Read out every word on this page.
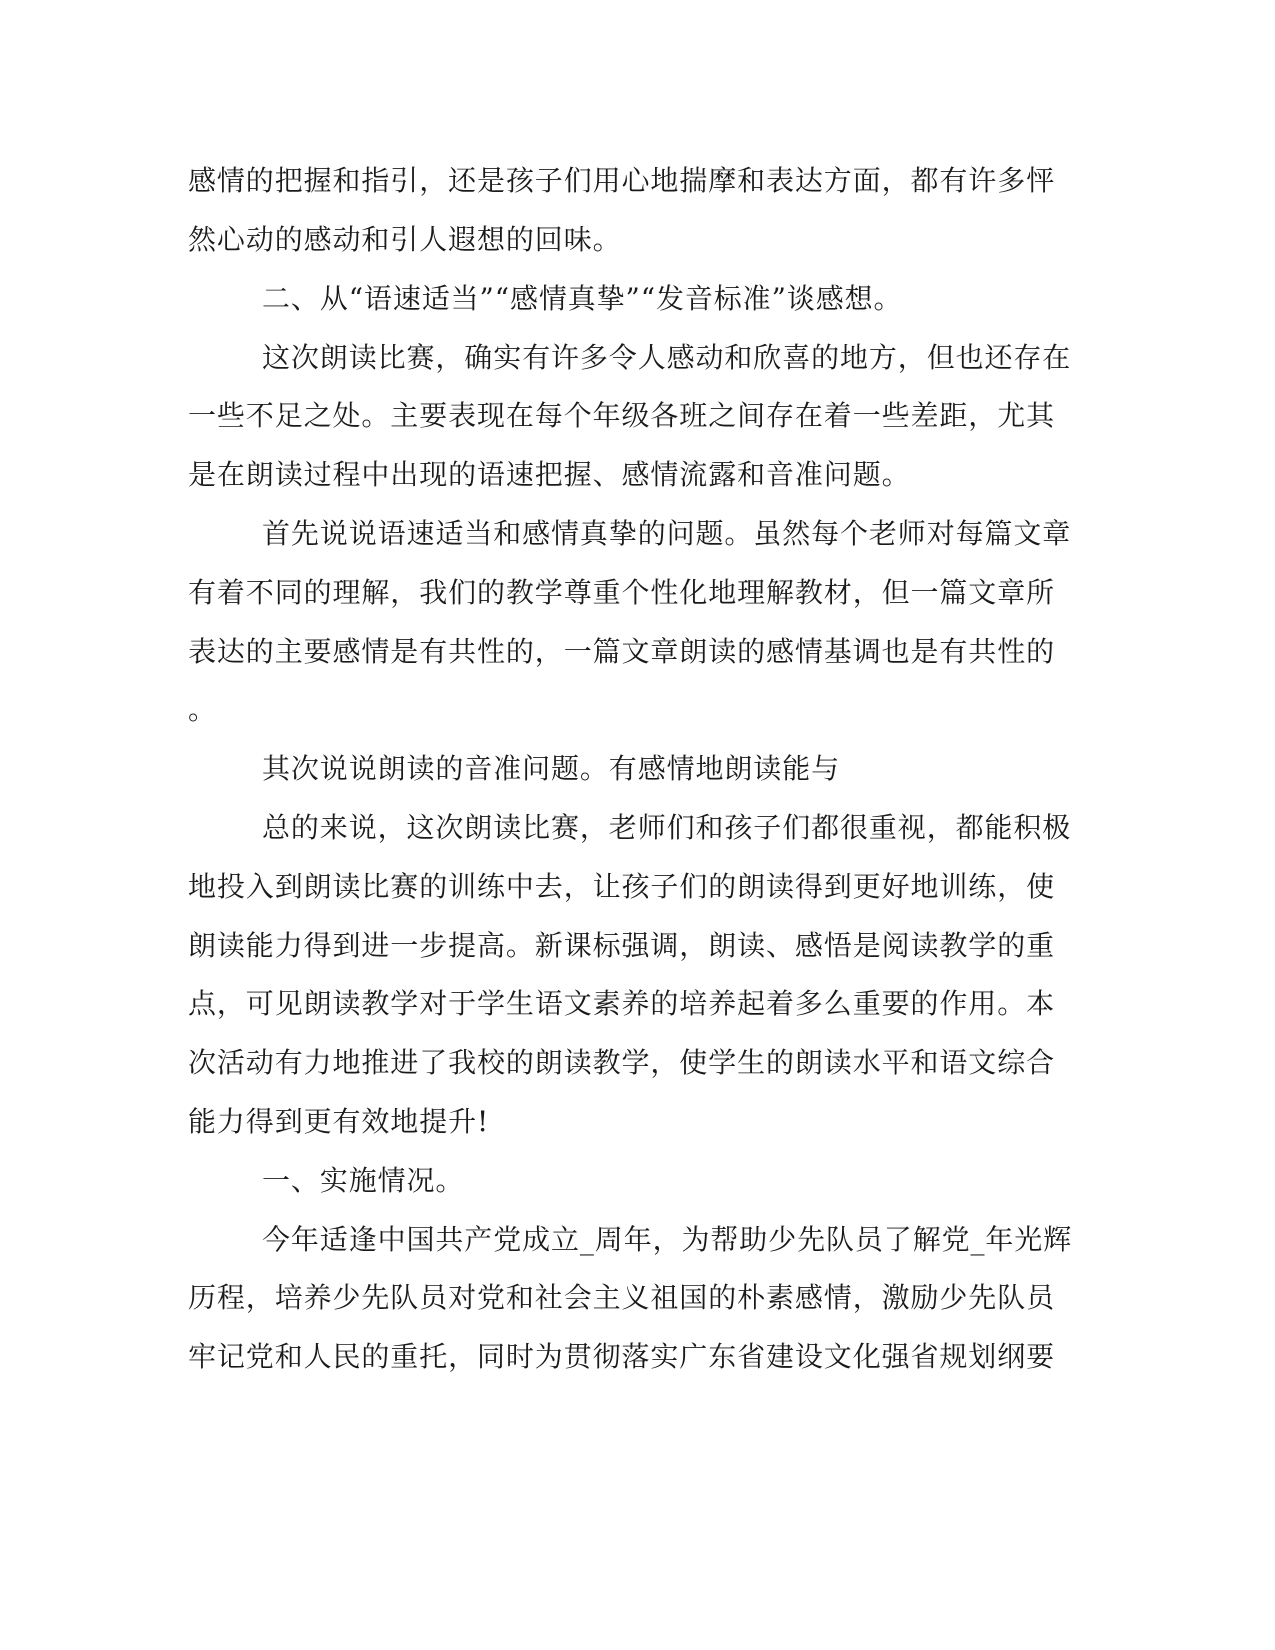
感情的把握和指引，还是孩子们用心地揣摩和表达方面，都有许多怦
然心动的感动和引人遐想的回味。
二、从“语速适当”“感情真挚”“发音标准”谈感想。
这次朗读比赛，确实有许多令人感动和欣喜的地方，但也还存在
一些不足之处。主要表现在每个年级各班之间存在着一些差距，尤其
是在朗读过程中出现的语速把握、感情流露和音准问题。
首先说说语速适当和感情真挚的问题。虽然每个老师对每篇文章
有着不同的理解，我们的教学尊重个性化地理解教材，但一篇文章所
表达的主要感情是有共性的，一篇文章朗读的感情基调也是有共性的
。
其次说说朗读的音准问题。有感情地朗读能与
总的来说，这次朗读比赛，老师们和孩子们都很重视，都能积极
地投入到朗读比赛的训练中去，让孩子们的朗读得到更好地训练，使
朗读能力得到进一步提高。新课标强调，朗读、感悟是阅读教学的重
点，可见朗读教学对于学生语文素养的培养起着多么重要的作用。本
次活动有力地推进了我校的朗读教学，使学生的朗读水平和语文综合
能力得到更有效地提升!
一、实施情况。
今年适逢中国共产党成立_周年，为帮助少先队员了解党_年光辉
历程，培养少先队员对党和社会主义祖国的朴素感情，激励少先队员
牢记党和人民的重托，同时为贯彻落实广东省建设文化强省规划纲要
